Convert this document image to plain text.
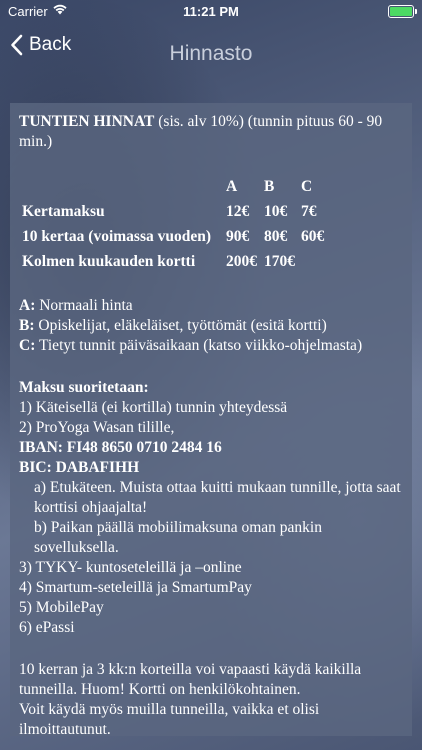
Carrier	11:21 PM
Back	Hinnasto

TUNTIEN HINNAT (sis. alv 10%) (tunnin pituus 60 - 90 min.)

	A	B	C
Kertamaksu	12€	10€	7€
10 kertaa (voimassa vuoden)	90€	80€	60€
Kolmen kuukauden kortti	200€	170€	

A: Normaali hinta

B: Opiskelijat, eläkeläiset, työttömät (esitä kortti)

C: Tietyt tunnit päiväsaikaan (katso viikko-ohjelmasta)

Maksu suoritetaan:

1) Käteisellä (ei kortilla) tunnin yhteydessä

2) ProYoga Wasan tilille,

IBAN: FI48 8650 0710 2484 16

BIC: DABAFIHH

a) Etukäteen. Muista ottaa kuitti mukaan tunnille, jotta saat korttisi ohjaajalta!

b) Paikan päällä mobiilimaksuna oman pankin sovelluksella.

3) TYKY- kuntoseteleillä ja –online

4) Smartum-seteleillä ja SmartumPay

5) MobilePay

6) ePassi

10 kerran ja 3 kk:n korteilla voi vapaasti käydä kaikilla tunneilla. Huom! Kortti on henkilökohtainen.

Voit käydä myös muilla tunneilla, vaikka et olisi ilmoittautunut.
